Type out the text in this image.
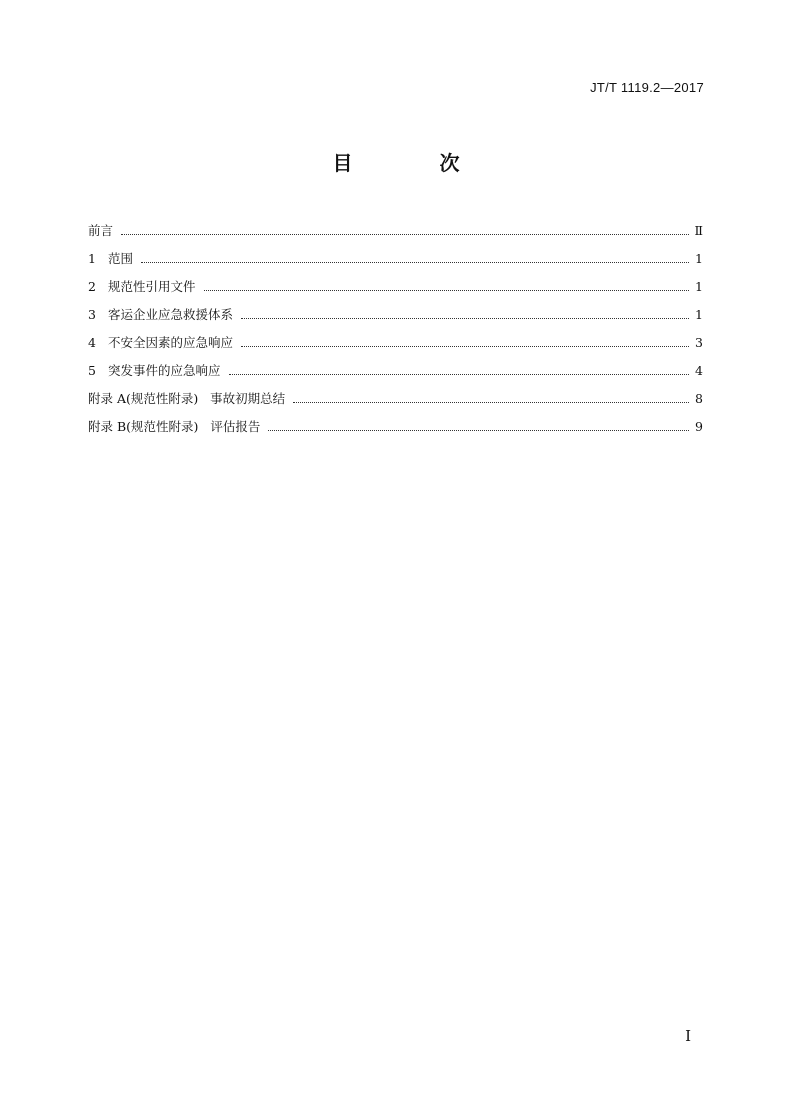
JT/T 1119.2—2017
目 次
前言	Ⅱ
1 范围	1
2 规范性引用文件	1
3 客运企业应急救援体系	1
4 不安全因素的应急响应	3
5 突发事件的应急响应	4
附录 A(规范性附录)   事故初期总结	8
附录 B(规范性附录)   评估报告	9
I
